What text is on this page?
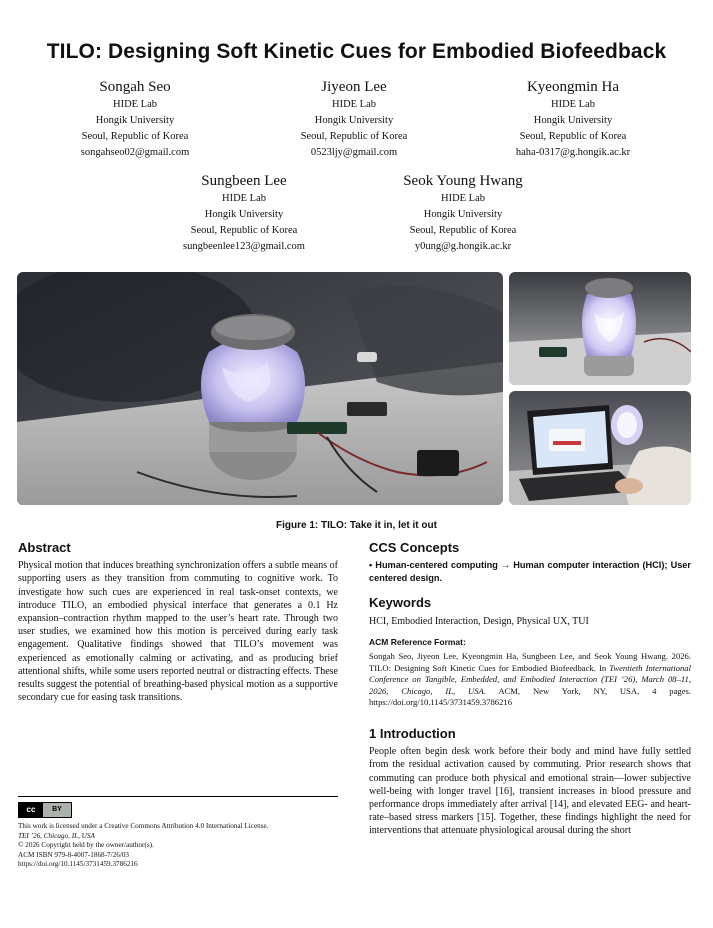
TILO: Designing Soft Kinetic Cues for Embodied Biofeedback
Songah Seo
HIDE Lab
Hongik University
Seoul, Republic of Korea
songahseo02@gmail.com
Jiyeon Lee
HIDE Lab
Hongik University
Seoul, Republic of Korea
0523ljy@gmail.com
Kyeongmin Ha
HIDE Lab
Hongik University
Seoul, Republic of Korea
haha-0317@g.hongik.ac.kr
Sungbeen Lee
HIDE Lab
Hongik University
Seoul, Republic of Korea
sungbeenlee123@gmail.com
Seok Young Hwang
HIDE Lab
Hongik University
Seoul, Republic of Korea
y0ung@g.hongik.ac.kr
Figure 1: TILO: Take it in, let it out
Abstract
Physical motion that induces breathing synchronization offers a subtle means of supporting users as they transition from commuting to cognitive work. To investigate how such cues are experienced in real task-onset contexts, we introduce TILO, an embodied physical interface that generates a 0.1 Hz expansion–contraction rhythm mapped to the user’s heart rate. Through two user studies, we examined how this motion is perceived during early task engagement. Qualitative findings showed that TILO’s movement was experienced as emotionally calming or activating, and as producing brief attentional shifts, while some users reported neutral or distracting effects. These results suggest the potential of breathing-based physical motion as a supportive secondary cue for easing task transitions.
cc	BY
This work is licensed under a Creative Commons Attribution 4.0 International License.
TEI ’26, Chicago, IL, USA
© 2026 Copyright held by the owner/author(s).
ACM ISBN 979-8-4007-1868-7/26/03
https://doi.org/10.1145/3731459.3786216
CCS Concepts
• Human-centered computing → Human computer interaction (HCI); User centered design.
Keywords
HCI, Embodied Interaction, Design, Physical UX, TUI
ACM Reference Format:
Songah Seo, Jiyeon Lee, Kyeongmin Ha, Sungbeen Lee, and Seok Young Hwang. 2026. TILO: Designing Soft Kinetic Cues for Embodied Biofeedback. In Twentieth International Conference on Tangible, Embedded, and Embodied Interaction (TEI ’26), March 08–11, 2026, Chicago, IL, USA. ACM, New York, NY, USA, 4 pages. https://doi.org/10.1145/3731459.3786216
1 Introduction
People often begin desk work before their body and mind have fully settled from the residual activation caused by commuting. Prior research shows that commuting can produce both physical and emotional strain—lower subjective well-being with longer travel [16], transient increases in blood pressure and performance drops immediately after arrival [14], and elevated EEG- and heart-rate–based stress markers [15]. Together, these findings highlight the need for interventions that attenuate physiological arousal during the short
